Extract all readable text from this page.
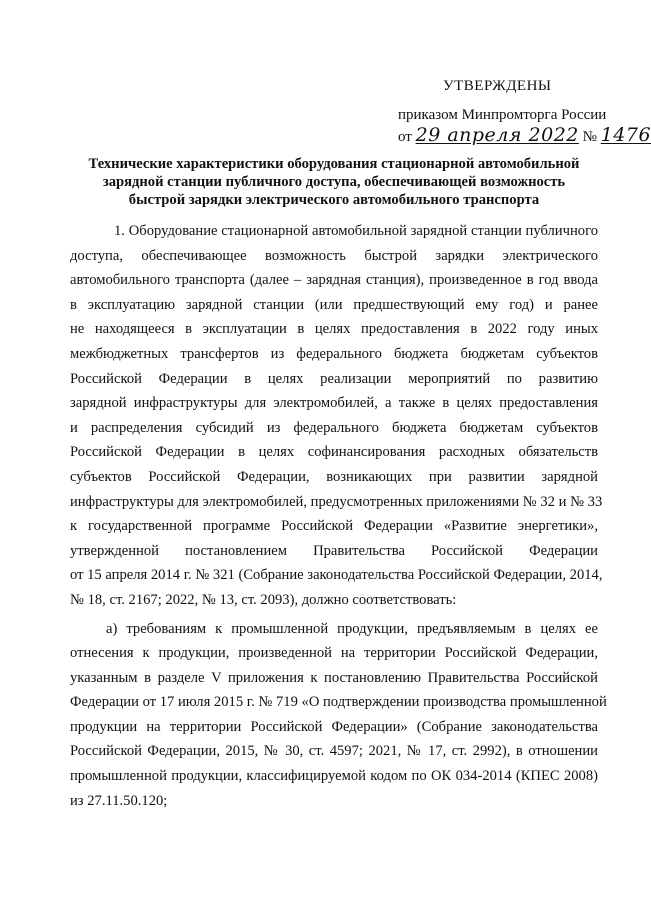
УТВЕРЖДЕНЫ
приказом Минпромторга России
от 29 апреля 2022 № 1476
Технические характеристики оборудования стационарной автомобильной
зарядной станции публичного доступа, обеспечивающей возможность
быстрой зарядки электрического автомобильного транспорта
1. Оборудование стационарной автомобильной зарядной станции публичного
доступа, обеспечивающее возможность быстрой зарядки электрического
автомобильного транспорта (далее – зарядная станция), произведенное в год ввода
в эксплуатацию зарядной станции (или предшествующий ему год) и ранее
не находящееся в эксплуатации в целях предоставления в 2022 году иных
межбюджетных трансфертов из федерального бюджета бюджетам субъектов
Российской Федерации в целях реализации мероприятий по развитию
зарядной инфраструктуры для электромобилей, а также в целях предоставления
и распределения субсидий из федерального бюджета бюджетам субъектов
Российской Федерации в целях софинансирования расходных обязательств
субъектов Российской Федерации, возникающих при развитии зарядной
инфраструктуры для электромобилей, предусмотренных приложениями № 32 и № 33
к государственной программе Российской Федерации «Развитие энергетики»,
утвержденной постановлением Правительства Российской Федерации
от 15 апреля 2014 г. № 321 (Собрание законодательства Российской Федерации, 2014,
№ 18, ст. 2167; 2022, № 13, ст. 2093), должно соответствовать:
а) требованиям к промышленной продукции, предъявляемым в целях ее
отнесения к продукции, произведенной на территории Российской Федерации,
указанным в разделе V приложения к постановлению Правительства Российской
Федерации от 17 июля 2015 г. № 719 «О подтверждении производства промышленной
продукции на территории Российской Федерации» (Собрание законодательства
Российской Федерации, 2015, № 30, ст. 4597; 2021, № 17, ст. 2992), в отношении
промышленной продукции, классифицируемой кодом по ОК 034-2014 (КПЕС 2008)
из 27.11.50.120;
